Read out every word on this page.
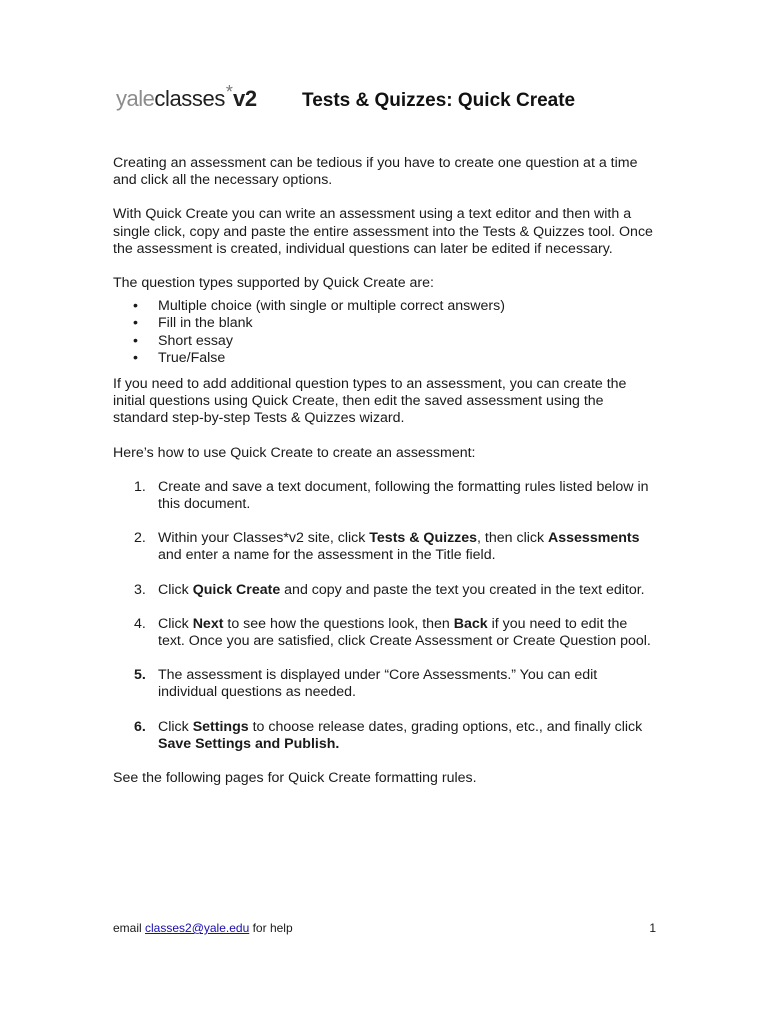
yaleclasses*v2 Tests & Quizzes: Quick Create

Creating an assessment can be tedious if you have to create one question at a time and click all the necessary options.

With Quick Create you can write an assessment using a text editor and then with a single click, copy and paste the entire assessment into the Tests & Quizzes tool. Once the assessment is created, individual questions can later be edited if necessary.

The question types supported by Quick Create are:

• Multiple choice (with single or multiple correct answers)
• Fill in the blank
• Short essay
• True/False

If you need to add additional question types to an assessment, you can create the initial questions using Quick Create, then edit the saved assessment using the standard step-by-step Tests & Quizzes wizard.

Here’s how to use Quick Create to create an assessment:

1. Create and save a text document, following the formatting rules listed below in this document.
2. Within your Classes*v2 site, click Tests & Quizzes, then click Assessments and enter a name for the assessment in the Title field.
3. Click Quick Create and copy and paste the text you created in the text editor.
4. Click Next to see how the questions look, then Back if you need to edit the text. Once you are satisfied, click Create Assessment or Create Question pool.
5. The assessment is displayed under “Core Assessments.” You can edit individual questions as needed.
6. Click Settings to choose release dates, grading options, etc., and finally click Save Settings and Publish.

See the following pages for Quick Create formatting rules.

email classes2@yale.edu for help	1
